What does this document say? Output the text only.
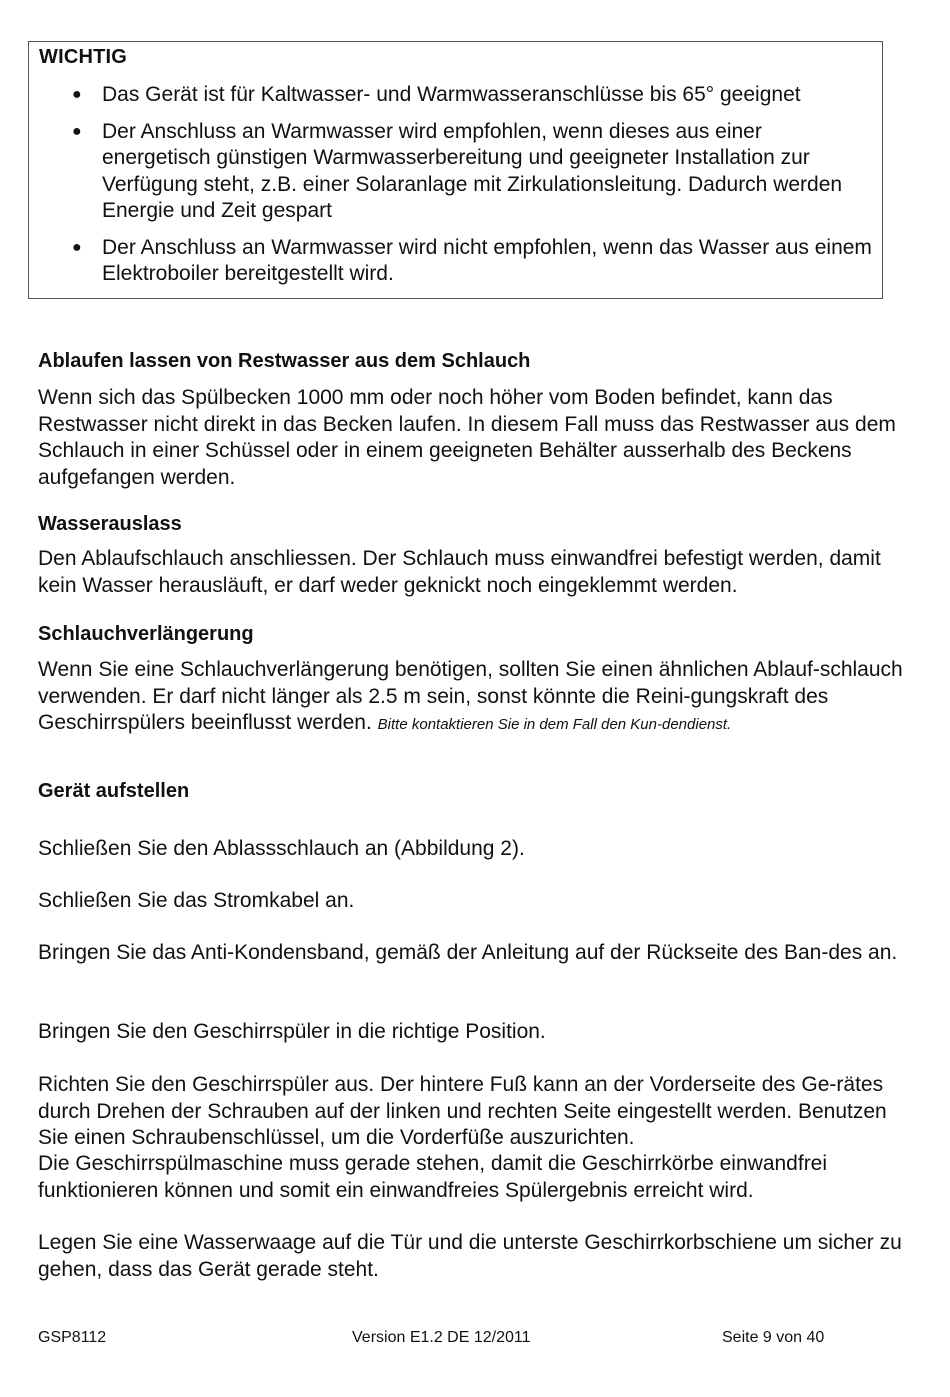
WICHTIG
● Das Gerät ist für Kaltwasser- und Warmwasseranschlüsse bis 65° geeignet
● Der Anschluss an Warmwasser wird empfohlen, wenn dieses aus einer energetisch günstigen Warmwasserbereitung und geeigneter Installation zur Verfügung steht, z.B. einer Solaranlage mit Zirkulationsleitung. Dadurch werden Energie und Zeit gespart
● Der Anschluss an Warmwasser wird nicht empfohlen, wenn das Wasser aus einem Elektroboiler bereitgestellt wird.
Ablaufen lassen von Restwasser aus dem Schlauch

Wenn sich das Spülbecken 1000 mm oder noch höher vom Boden befindet, kann das Restwasser nicht direkt in das Becken laufen. In diesem Fall muss das Restwasser aus dem Schlauch in einer Schüssel oder in einem geeigneten Behälter ausserhalb des Beckens aufgefangen werden.

Wasserauslass

Den Ablaufschlauch anschliessen. Der Schlauch muss einwandfrei befestigt werden, damit kein Wasser herausläuft, er darf weder geknickt noch eingeklemmt werden.

Schlauchverlängerung

Wenn Sie eine Schlauchverlängerung benötigen, sollten Sie einen ähnlichen Ablauf-schlauch verwenden. Er darf nicht länger als 2.5 m sein, sonst könnte die Reini-gungskraft des Geschirrspülers beeinflusst werden. Bitte kontaktieren Sie in dem Fall den Kun-dendienst.

Gerät aufstellen

Schließen Sie den Ablassschlauch an (Abbildung 2).

Schließen Sie das Stromkabel an.

Bringen Sie das Anti-Kondensband, gemäß der Anleitung auf der Rückseite des Ban-des an.

Bringen Sie den Geschirrspüler in die richtige Position.

Richten Sie den Geschirrspüler aus. Der hintere Fuß kann an der Vorderseite des Ge-rätes durch Drehen der Schrauben auf der linken und rechten Seite eingestellt werden. Benutzen Sie einen Schraubenschlüssel, um die Vorderfüße auszurichten.

Die Geschirrspülmaschine muss gerade stehen, damit die Geschirrkörbe einwandfrei funktionieren können und somit ein einwandfreies Spülergebnis erreicht wird.

Legen Sie eine Wasserwaage auf die Tür und die unterste Geschirrkorbschiene um sicher zu gehen, dass das Gerät gerade steht.

GSP8112	Version E1.2 DE 12/2011	Seite 9 von 40
